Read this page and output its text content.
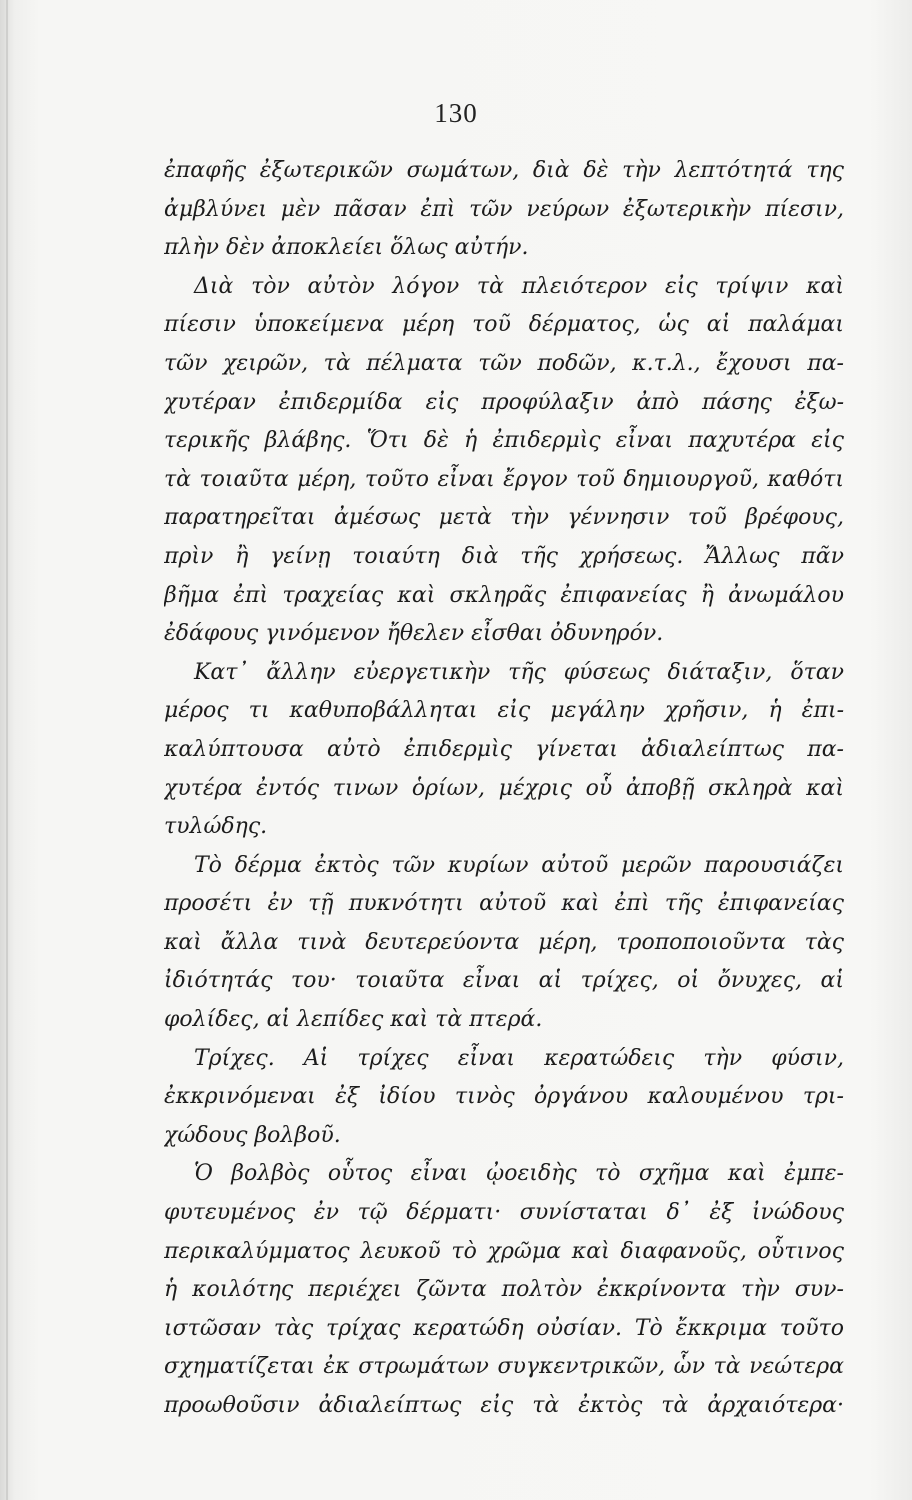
130
ἐπαφῆς ἐξωτερικῶν σωμάτων, διὰ δὲ τὴν λεπτότητά της
ἀμβλύνει μὲν πᾶσαν ἐπὶ τῶν νεύρων ἐξωτερικὴν πίεσιν,
πλὴν δὲν ἀποκλείει ὅλως αὐτήν.
Διὰ τὸν αὐτὸν λόγον τὰ πλειότερον εἰς τρίψιν καὶ
πίεσιν ὑποκείμενα μέρη τοῦ δέρματος, ὡς αἱ παλάμαι
τῶν χειρῶν, τὰ πέλματα τῶν ποδῶν, κ.τ.λ., ἔχουσι πα-
χυτέραν ἐπιδερμίδα εἰς προφύλαξιν ἀπὸ πάσης ἐξω-
τερικῆς βλάβης. Ὅτι δὲ ἡ ἐπιδερμὶς εἶναι παχυτέρα εἰς
τὰ τοιαῦτα μέρη, τοῦτο εἶναι ἔργον τοῦ δημιουργοῦ, καθότι
παρατηρεῖται ἀμέσως μετὰ τὴν γέννησιν τοῦ βρέφους,
πρὶν ἢ γείνῃ τοιαύτη διὰ τῆς χρήσεως. Ἄλλως πᾶν
βῆμα ἐπὶ τραχείας καὶ σκληρᾶς ἐπιφανείας ἢ ἀνωμάλου
ἐδάφους γινόμενον ἤθελεν εἶσθαι ὀδυνηρόν.
Κατ᾽ ἄλλην εὐεργετικὴν τῆς φύσεως διάταξιν, ὅταν
μέρος τι καθυποβάλληται εἰς μεγάλην χρῆσιν, ἡ ἐπι-
καλύπτουσα αὐτὸ ἐπιδερμὶς γίνεται ἀδιαλείπτως πα-
χυτέρα ἐντός τινων ὁρίων, μέχρις οὗ ἀποβῇ σκληρὰ καὶ
τυλώδης.
Τὸ δέρμα ἐκτὸς τῶν κυρίων αὐτοῦ μερῶν παρουσιάζει
προσέτι ἐν τῇ πυκνότητι αὐτοῦ καὶ ἐπὶ τῆς ἐπιφανείας
καὶ ἄλλα τινὰ δευτερεύοντα μέρη, τροποποιοῦντα τὰς
ἰδιότητάς του· τοιαῦτα εἶναι αἱ τρίχες, οἱ ὄνυχες, αἱ
φολίδες, αἱ λεπίδες καὶ τὰ πτερά.
Τρίχες. Αἱ τρίχες εἶναι κερατώδεις τὴν φύσιν,
ἐκκρινόμεναι ἐξ ἰδίου τινὸς ὀργάνου καλουμένου τρι-
χώδους βολβοῦ.
Ὁ βολβὸς οὗτος εἶναι ᾠοειδὴς τὸ σχῆμα καὶ ἐμπε-
φυτευμένος ἐν τῷ δέρματι· συνίσταται δ᾽ ἐξ ἰνώδους
περικαλύμματος λευκοῦ τὸ χρῶμα καὶ διαφανοῦς, οὗτινος
ἡ κοιλότης περιέχει ζῶντα πολτὸν ἐκκρίνοντα τὴν συν-
ιστῶσαν τὰς τρίχας κερατώδη οὐσίαν. Τὸ ἔκκριμα τοῦτο
σχηματίζεται ἐκ στρωμάτων συγκεντρικῶν, ὧν τὰ νεώτερα
προωθοῦσιν ἀδιαλείπτως εἰς τὰ ἐκτὸς τὰ ἀρχαιότερα·
